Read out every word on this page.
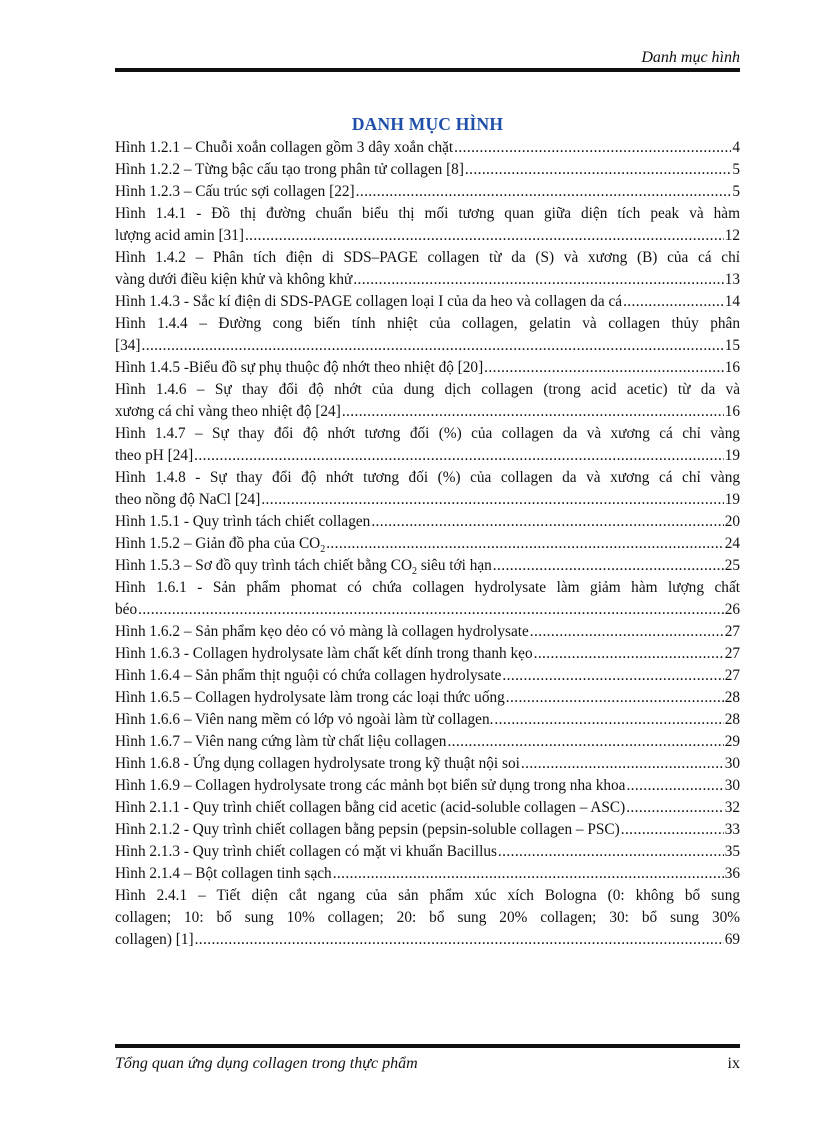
Danh mục hình
DANH MỤC HÌNH
Hình 1.2.1 – Chuỗi xoắn collagen gồm 3 dây xoắn chặt .....	4
Hình 1.2.2 – Từng bậc cấu tạo trong phân tử collagen [8] .....	5
Hình 1.2.3 – Cấu trúc sợi collagen [22] .....	5
Hình 1.4.1 - Đồ thị đường chuẩn biểu thị mối tương quan giữa diện tích peak và hàm
lượng acid amin [31] .....	12
Hình 1.4.2 – Phân tích điện di SDS–PAGE collagen từ da (S) và xương (B) của cá chỉ
vàng dưới điều kiện khử và không khử .....	13
Hình 1.4.3 - Sắc kí điện di SDS-PAGE collagen loại I của da heo và collagen da cá .....	14
Hình 1.4.4 – Đường cong biến tính nhiệt của collagen, gelatin và collagen thủy phân
[34] .....	15
Hình 1.4.5 -Biểu đồ sự phụ thuộc độ nhớt theo nhiệt độ [20] .....	16
Hình 1.4.6 – Sự thay đổi độ nhớt của dung dịch collagen (trong acid acetic) từ da và
xương cá chỉ vàng theo nhiệt độ [24] .....	16
Hình 1.4.7 – Sự thay đổi độ nhớt tương đối (%) của collagen da và xương cá chỉ vàng
theo pH [24] .....	19
Hình 1.4.8 - Sự thay đổi độ nhớt tương đối (%) của collagen da và xương cá chỉ vàng
theo nồng độ NaCl [24] .....	19
Hình 1.5.1 - Quy trình tách chiết collagen .....	20
Hình 1.5.2 – Giản đồ pha của $CO_2$ .....	24
Hình 1.5.3 – Sơ đồ quy trình tách chiết bằng $CO_2$ siêu tới hạn .....	25
Hình 1.6.1 - Sản phẩm phomat có chứa collagen hydrolysate làm giảm hàm lượng chất
béo .....	26
Hình 1.6.2 – Sản phẩm kẹo dẻo có vỏ màng là collagen hydrolysate .....	27
Hình 1.6.3 - Collagen hydrolysate làm chất kết dính trong thanh kẹo .....	27
Hình 1.6.4 – Sản phẩm thịt nguội có chứa collagen hydrolysate .....	27
Hình 1.6.5 – Collagen hydrolysate làm trong các loại thức uống .....	28
Hình 1.6.6 – Viên nang mềm có lớp vỏ ngoài làm từ collagen. .....	28
Hình 1.6.7 – Viên nang cứng làm từ chất liệu collagen .....	29
Hình 1.6.8 - Ứng dụng collagen hydrolysate trong kỹ thuật nội soi .....	30
Hình 1.6.9 – Collagen hydrolysate trong các mảnh bọt biển sử dụng trong nha khoa .....	30
Hình 2.1.1 - Quy trình chiết collagen bằng cid acetic (acid-soluble collagen – ASC) .....	32
Hình 2.1.2 - Quy trình chiết collagen bằng pepsin (pepsin-soluble collagen – PSC) .....	33
Hình 2.1.3 - Quy trình chiết collagen có mặt vi khuẩn Bacillus .....	35
Hình 2.1.4 – Bột collagen tinh sạch .....	36
Hình 2.4.1 – Tiết diện cắt ngang của sản phẩm xúc xích Bologna (0: không bổ sung
collagen; 10: bổ sung 10% collagen; 20: bổ sung 20% collagen; 30: bổ sung 30%
collagen) [1] .....	69
Tổng quan ứng dụng collagen trong thực phẩm	ix
